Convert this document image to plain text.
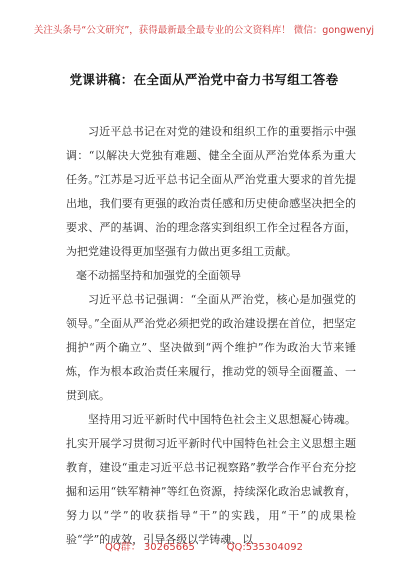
关注头条号“公文研究”，获得最新最全最专业的公文资料库！ 微信：gongwenyj
党课讲稿：在全面从严治党中奋力书写组工答卷

习近平总书记在对党的建设和组织工作的重要指示中强调：“以解决大党独有难题、健全全面从严治党体系为重大任务。”江苏是习近平总书记全面从严治党重大要求的首先提出地，我们要有更强的政治责任感和历史使命感坚决把全的要求、严的基调、治的理念落实到组织工作全过程各方面，为把党建设得更加坚强有力做出更多组工贡献。

毫不动摇坚持和加强党的全面领导

习近平总书记强调：“全面从严治党，核心是加强党的领导。”全面从严治党必须把党的政治建设摆在首位，把坚定拥护“两个确立”、坚决做到“两个维护”作为政治大节来锤炼，作为根本政治责任来履行，推动党的领导全面覆盖、一贯到底。

坚持用习近平新时代中国特色社会主义思想凝心铸魂。扎实开展学习贯彻习近平新时代中国特色社会主义思想主题教育，建设“重走习近平总书记视察路”教学合作平台充分挖掘和运用“铁军精神”等红色资源，持续深化政治忠诚教育，努力以“学”的收获指导“干”的实践，用“干”的成果检验“学”的成效，引导各级以学铸魂、以

QQ群： 30265665          QQ:535304092
